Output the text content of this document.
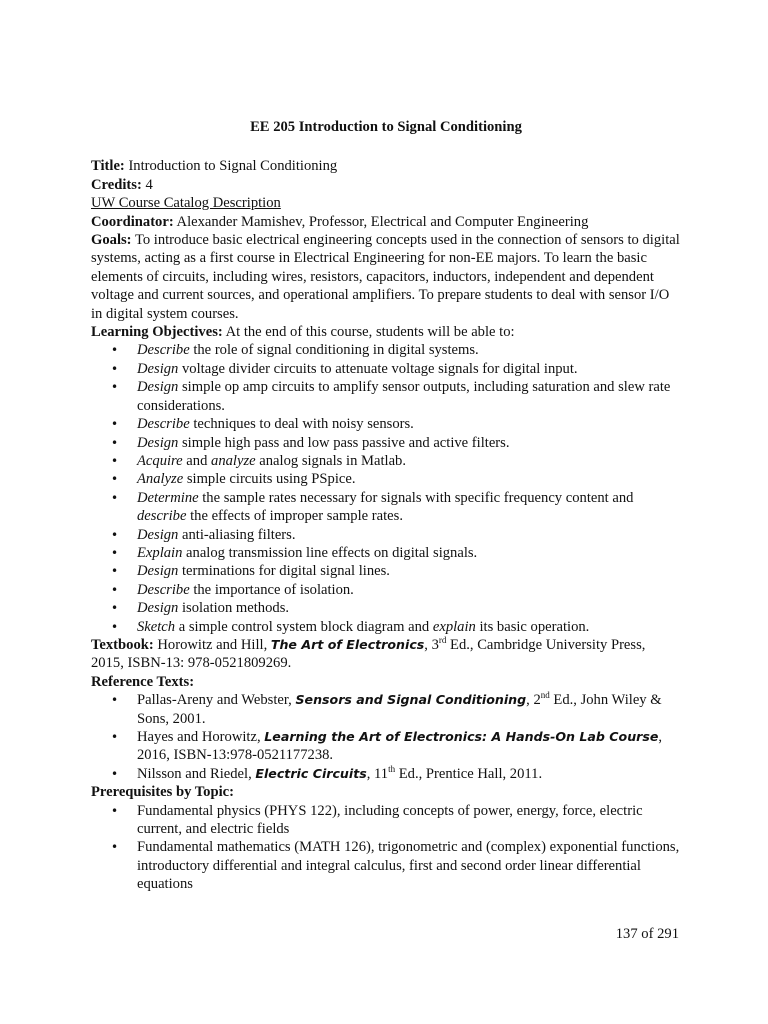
EE 205 Introduction to Signal Conditioning

Title: Introduction to Signal Conditioning

Credits: 4

UW Course Catalog Description

Coordinator: Alexander Mamishev, Professor, Electrical and Computer Engineering

Goals: To introduce basic electrical engineering concepts used in the connection of sensors to digital systems, acting as a first course in Electrical Engineering for non-EE majors. To learn the basic elements of circuits, including wires, resistors, capacitors, inductors, independent and dependent voltage and current sources, and operational amplifiers. To prepare students to deal with sensor I/O in digital system courses.

Learning Objectives: At the end of this course, students will be able to:

• Describe the role of signal conditioning in digital systems.
• Design voltage divider circuits to attenuate voltage signals for digital input.
• Design simple op amp circuits to amplify sensor outputs, including saturation and slew rate considerations.
• Describe techniques to deal with noisy sensors.
• Design simple high pass and low pass passive and active filters.
• Acquire and analyze analog signals in Matlab.
• Analyze simple circuits using PSpice.
• Determine the sample rates necessary for signals with specific frequency content and describe the effects of improper sample rates.
• Design anti-aliasing filters.
• Explain analog transmission line effects on digital signals.
• Design terminations for digital signal lines.
• Describe the importance of isolation.
• Design isolation methods.
• Sketch a simple control system block diagram and explain its basic operation.

Textbook: Horowitz and Hill, The Art of Electronics, 3rd Ed., Cambridge University Press, 2015, ISBN-13: 978-0521809269.

Reference Texts:

• Pallas-Areny and Webster, Sensors and Signal Conditioning, 2nd Ed., John Wiley & Sons, 2001.
• Hayes and Horowitz, Learning the Art of Electronics: A Hands-On Lab Course, 2016, ISBN-13:978-0521177238.
• Nilsson and Riedel, Electric Circuits, 11th Ed., Prentice Hall, 2011.

Prerequisites by Topic:

• Fundamental physics (PHYS 122), including concepts of power, energy, force, electric current, and electric fields
• Fundamental mathematics (MATH 126), trigonometric and (complex) exponential functions, introductory differential and integral calculus, first and second order linear differential equations
137 of 291
